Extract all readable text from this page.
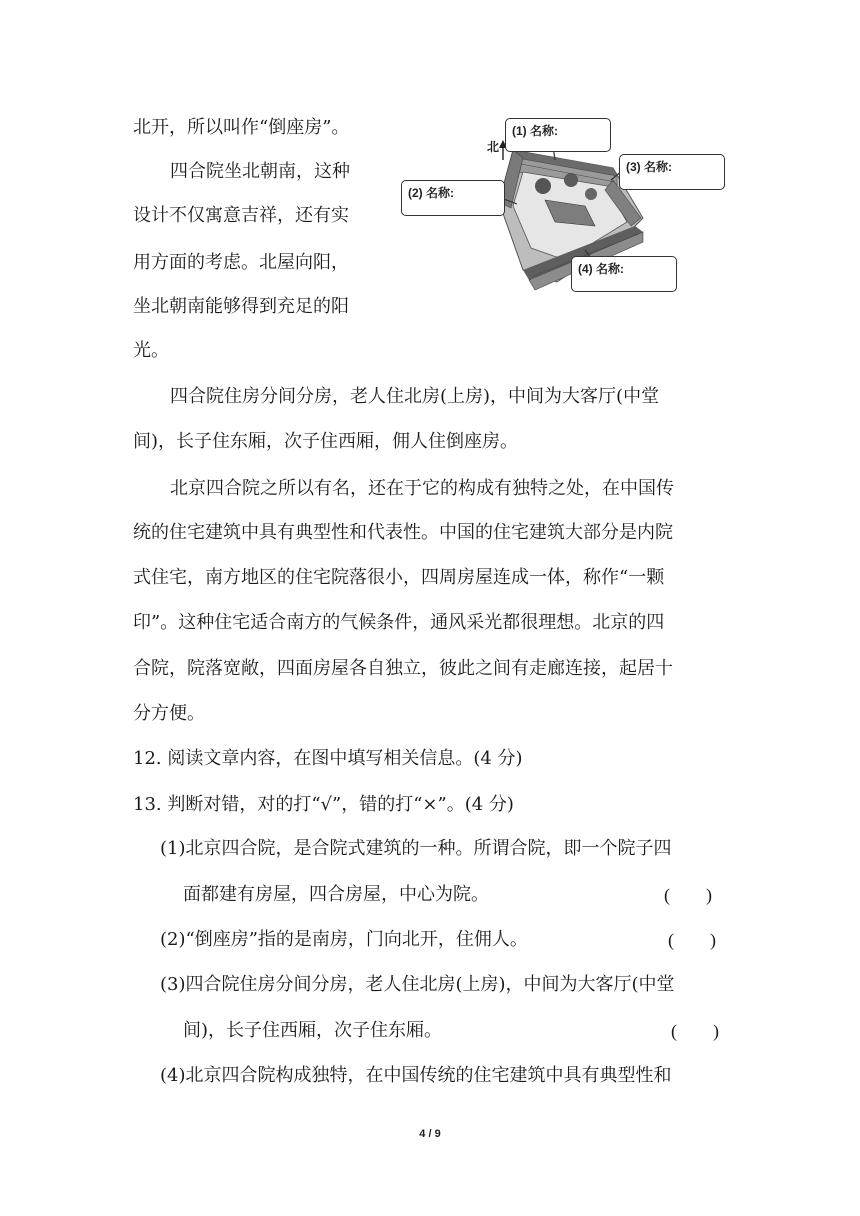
北开，所以叫作“倒座房”。
四合院坐北朝南，这种
设计不仅寓意吉祥，还有实
用方面的考虑。北屋向阳，
坐北朝南能够得到充足的阳
光。
北
(1) 名称:
(2) 名称:
(3) 名称:
(4) 名称:
四合院住房分间分房，老人住北房(上房)，中间为大客厅(中堂
间)，长子住东厢，次子住西厢，佣人住倒座房。
北京四合院之所以有名，还在于它的构成有独特之处，在中国传
统的住宅建筑中具有典型性和代表性。中国的住宅建筑大部分是内院
式住宅，南方地区的住宅院落很小，四周房屋连成一体，称作“一颗
印”。这种住宅适合南方的气候条件，通风采光都很理想。北京的四
合院，院落宽敞，四面房屋各自独立，彼此之间有走廊连接，起居十
分方便。
12. 阅读文章内容，在图中填写相关信息。(4 分)
13. 判断对错，对的打“√”，错的打“×”。(4 分)
(1)北京四合院，是合院式建筑的一种。所谓合院，即一个院子四
面都建有房屋，四合房屋，中心为院。	(　　)
(2)“倒座房”指的是南房，门向北开，住佣人。	(　　)
(3)四合院住房分间分房，老人住北房(上房)，中间为大客厅(中堂
间)，长子住西厢，次子住东厢。	(　　)
(4)北京四合院构成独特，在中国传统的住宅建筑中具有典型性和
4 / 9
